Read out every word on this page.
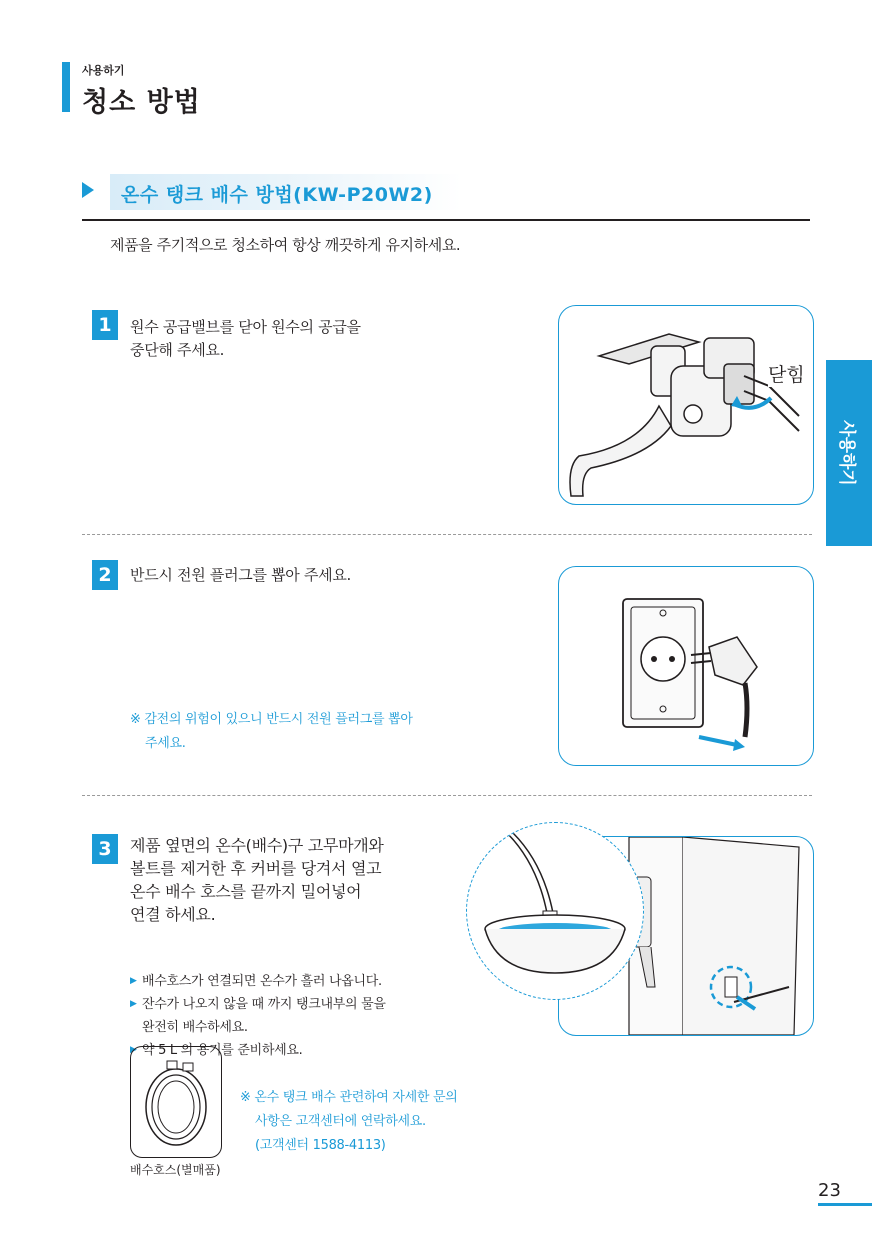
사용하기
청소 방법
온수 탱크 배수 방법(KW-P20W2)
제품을 주기적으로 청소하여 항상 깨끗하게 유지하세요.
1	원수 공급밸브를 닫아 원수의 공급을
중단해 주세요.
닫힘
2	반드시 전원 플러그를 뽑아 주세요.
※ 감전의 위험이 있으니 반드시 전원 플러그를 뽑아
주세요.
3	제품 옆면의 온수(배수)구 고무마개와
볼트를 제거한 후 커버를 당겨서 열고
온수 배수 호스를 끝까지 밀어넣어
연결 하세요.
▶ 배수호스가 연결되면 온수가 흘러 나옵니다.
▶ 잔수가 나오지 않을 때 까지 탱크내부의 물을
완전히 배수하세요.
▶ 약 5 L 의 용기를 준비하세요.
배수호스(별매품)
※ 온수 탱크 배수 관련하여 자세한 문의
사항은 고객센터에 연락하세요.
(고객센터 1588-4113)
사용하기
23
